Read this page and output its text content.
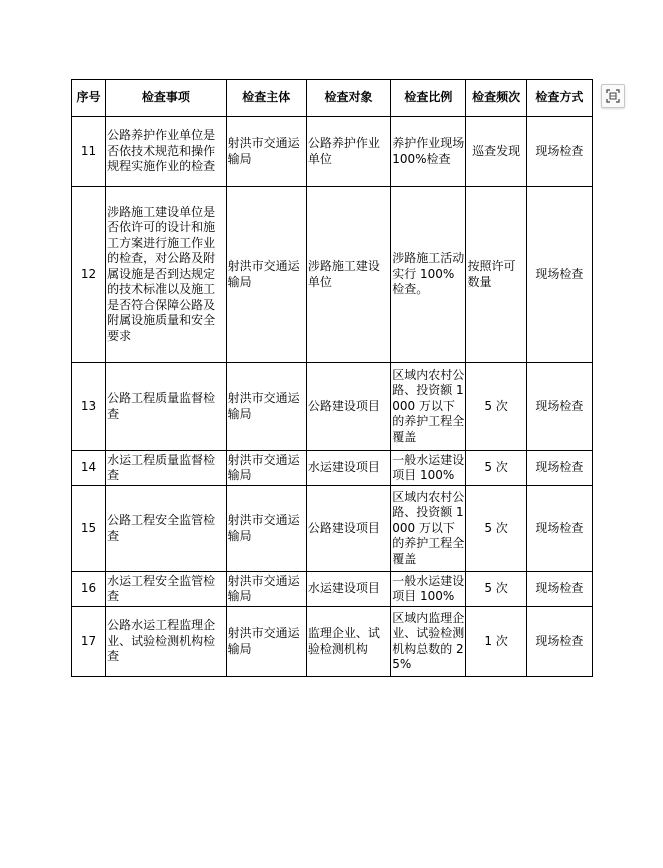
序号	检查事项	检查主体	检查对象	检查比例	检查频次	检查方式
11	公路养护作业单位是否依技术规范和操作规程实施作业的检查	射洪市交通运输局	公路养护作业单位	养护作业现场 100%检查	巡查发现	现场检查
12	涉路施工建设单位是否依许可的设计和施工方案进行施工作业的检查，对公路及附属设施是否到达规定的技术标准以及施工是否符合保障公路及附属设施质量和安全要求	射洪市交通运输局	涉路施工建设单位	涉路施工活动实行 100%检查。	按照许可数量	现场检查
13	公路工程质量监督检查	射洪市交通运输局	公路建设项目	区域内农村公路、投资额 1000 万以下的养护工程全覆盖	5 次	现场检查
14	水运工程质量监督检查	射洪市交通运输局	水运建设项目	一般水运建设项目 100%	5 次	现场检查
15	公路工程安全监管检查	射洪市交通运输局	公路建设项目	区域内农村公路、投资额 1000 万以下的养护工程全覆盖	5 次	现场检查
16	水运工程安全监管检查	射洪市交通运输局	水运建设项目	一般水运建设项目 100%	5 次	现场检查
17	公路水运工程监理企业、试验检测机构检查	射洪市交通运输局	监理企业、试验检测机构	区域内监理企业、试验检测机构总数的 25%	1 次	现场检查
